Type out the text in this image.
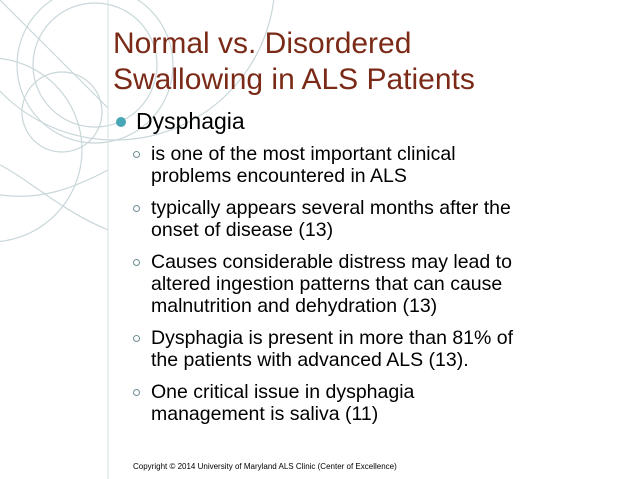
Normal vs. Disordered
Swallowing in ALS Patients
Dysphagia
is one of the most important clinical
problems encountered in ALS
typically appears several months after the
onset of disease (13)
Causes considerable distress may lead to
altered ingestion patterns that can cause
malnutrition and dehydration (13)
Dysphagia is present in more than 81% of
the patients with advanced ALS (13).
One critical issue in dysphagia
management is saliva (11)
Copyright © 2014 University of Maryland ALS Clinic (Center of Excellence)
